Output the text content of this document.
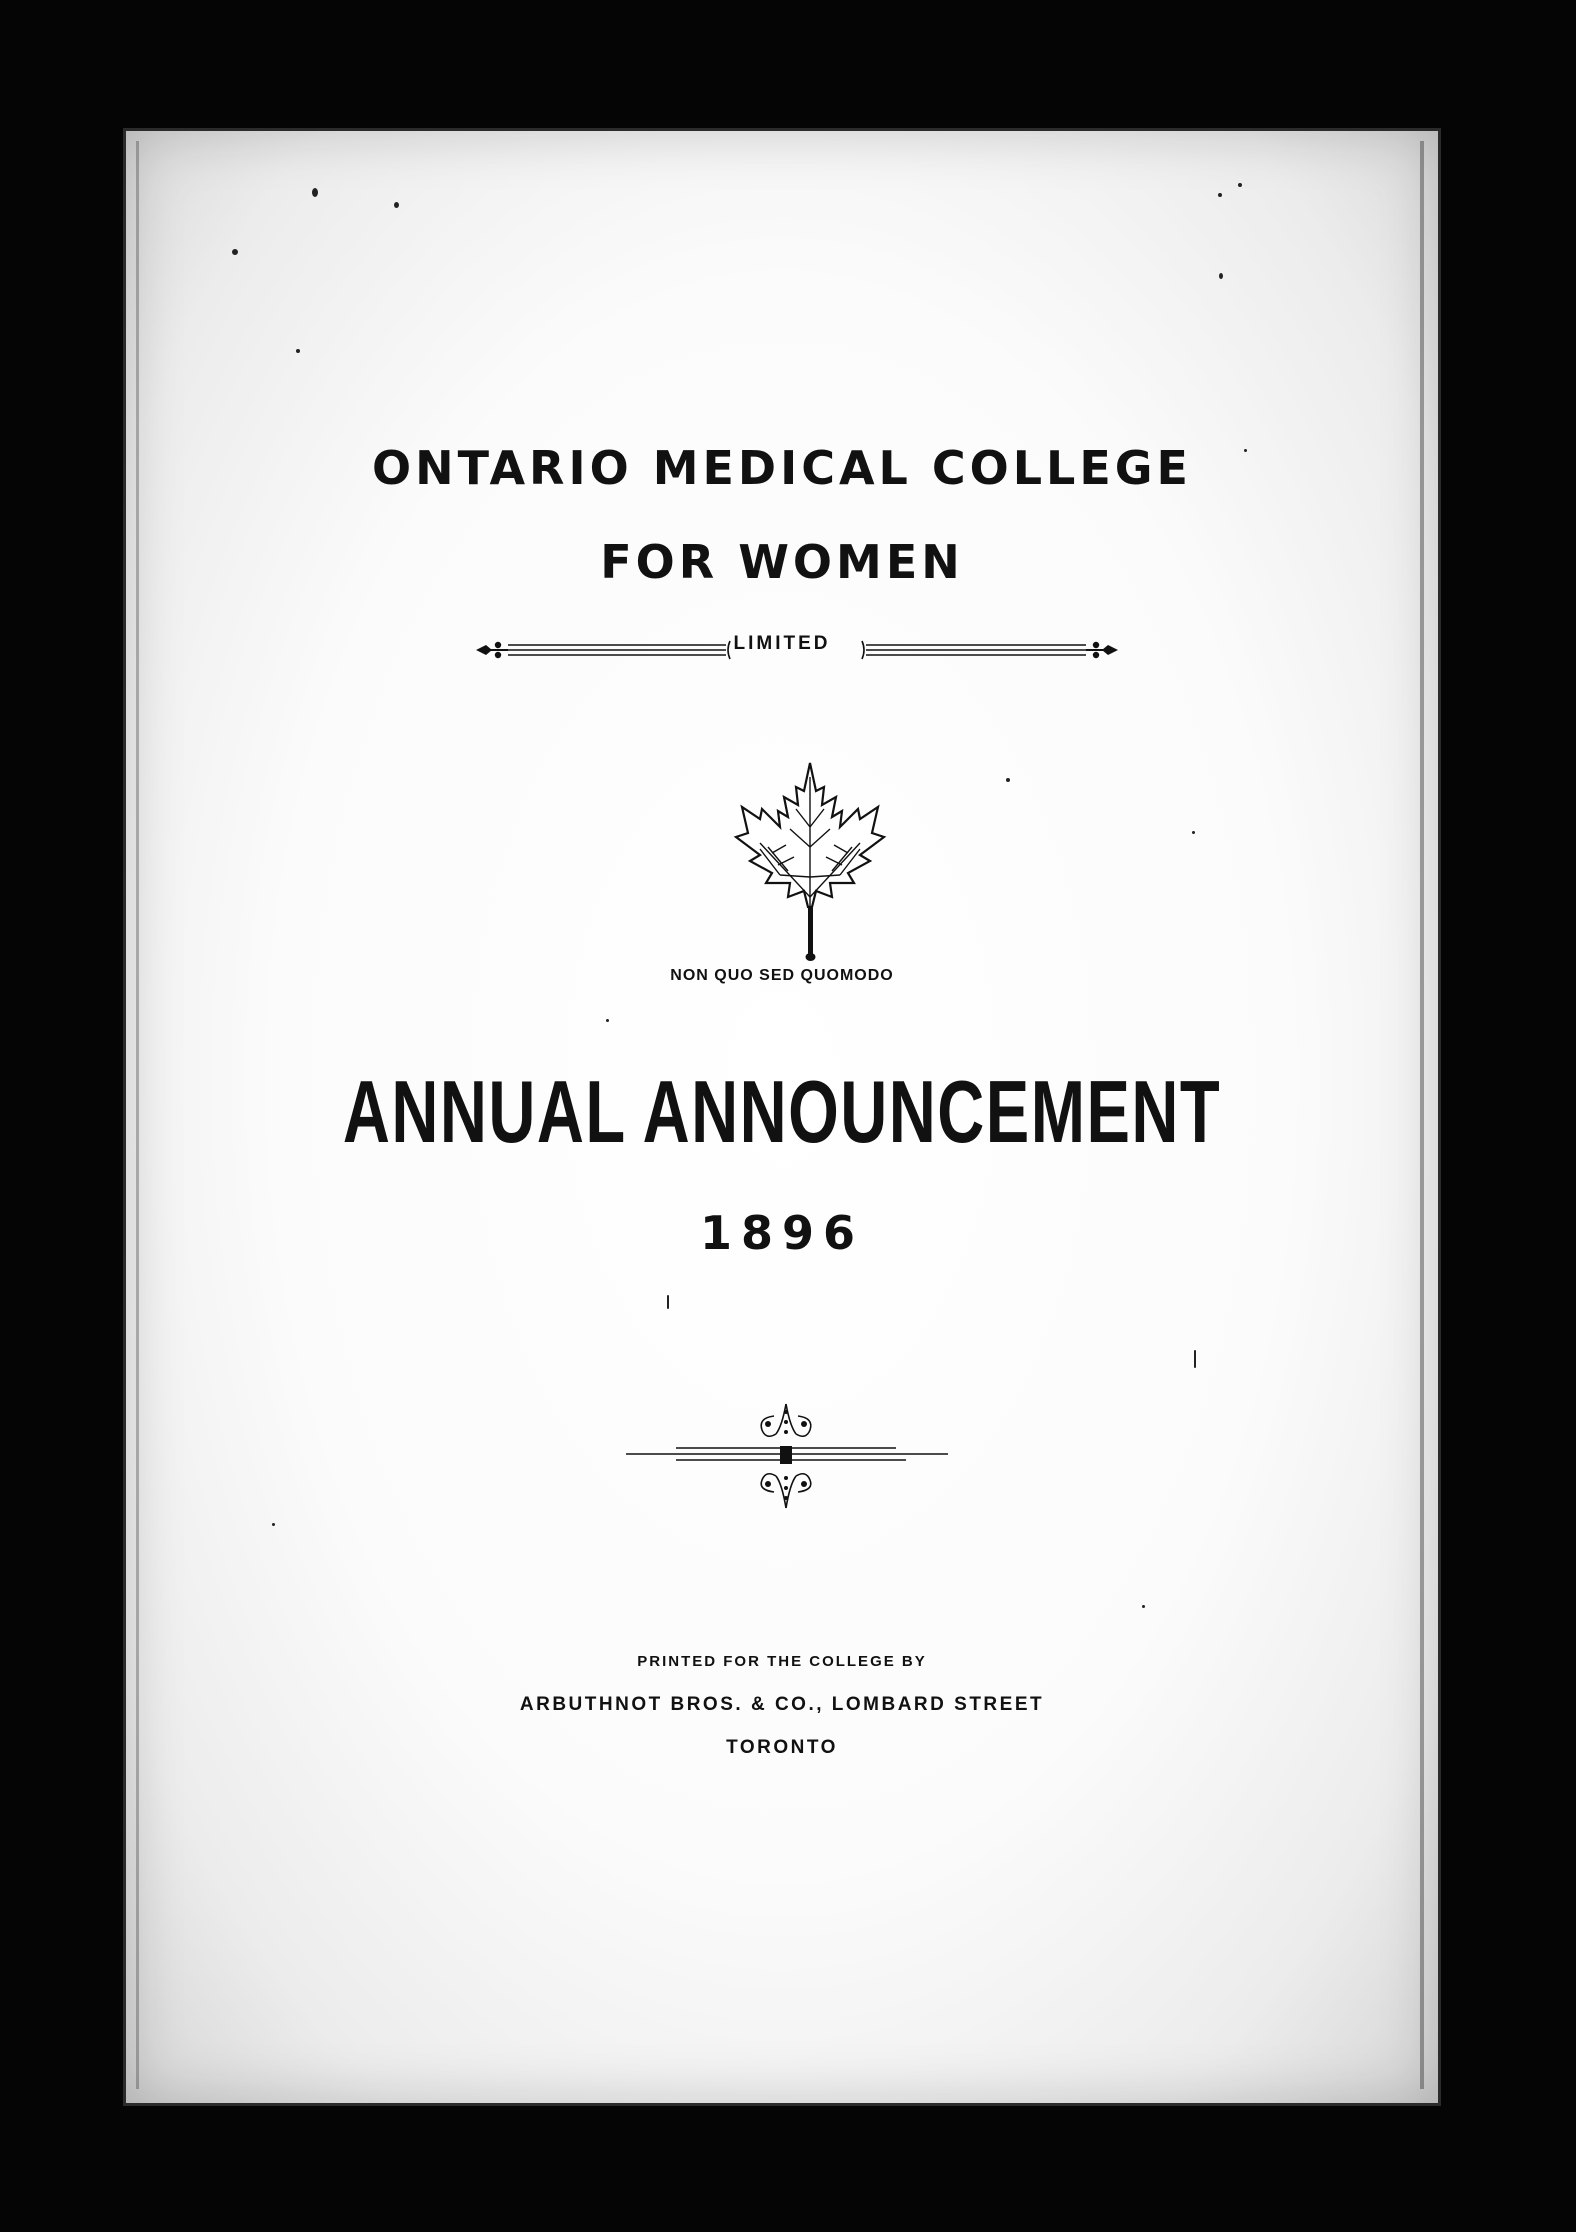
ONTARIO MEDICAL COLLEGE
FOR WOMEN
LIMITED
NON QUO SED QUOMODO
ANNUAL ANNOUNCEMENT
1896
PRINTED FOR THE COLLEGE BY
ARBUTHNOT BROS. & CO., LOMBARD STREET
TORONTO
